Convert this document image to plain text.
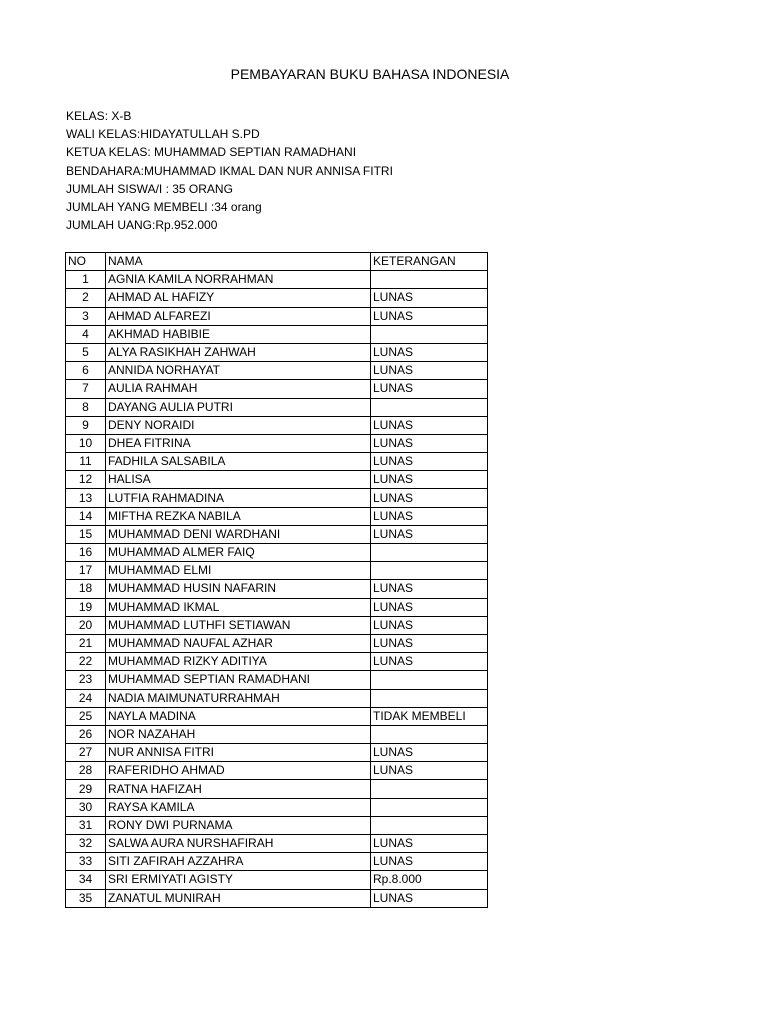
PEMBAYARAN BUKU BAHASA INDONESIA
KELAS: X-B
WALI KELAS:HIDAYATULLAH S.PD
KETUA KELAS: MUHAMMAD SEPTIAN RAMADHANI
BENDAHARA:MUHAMMAD IKMAL DAN NUR ANNISA FITRI
JUMLAH SISWA/I : 35 ORANG
JUMLAH YANG MEMBELI :34 orang
JUMLAH UANG:Rp.952.000
NO	NAMA	KETERANGAN
1	AGNIA KAMILA NORRAHMAN	
2	AHMAD AL HAFIZY	LUNAS
3	AHMAD ALFAREZI	LUNAS
4	AKHMAD HABIBIE	
5	ALYA RASIKHAH ZAHWAH	LUNAS
6	ANNIDA NORHAYAT	LUNAS
7	AULIA RAHMAH	LUNAS
8	DAYANG AULIA PUTRI	
9	DENY NORAIDI	LUNAS
10	DHEA FITRINA	LUNAS
11	FADHILA SALSABILA	LUNAS
12	HALISA	LUNAS
13	LUTFIA RAHMADINA	LUNAS
14	MIFTHA REZKA NABILA	LUNAS
15	MUHAMMAD DENI WARDHANI	LUNAS
16	MUHAMMAD ALMER FAIQ	
17	MUHAMMAD ELMI	
18	MUHAMMAD HUSIN NAFARIN	LUNAS
19	MUHAMMAD IKMAL	LUNAS
20	MUHAMMAD LUTHFI SETIAWAN	LUNAS
21	MUHAMMAD NAUFAL AZHAR	LUNAS
22	MUHAMMAD RIZKY ADITIYA	LUNAS
23	MUHAMMAD SEPTIAN RAMADHANI	
24	NADIA MAIMUNATURRAHMAH	
25	NAYLA MADINA	TIDAK MEMBELI
26	NOR NAZAHAH	
27	NUR ANNISA FITRI	LUNAS
28	RAFERIDHO AHMAD	LUNAS
29	RATNA HAFIZAH	
30	RAYSA KAMILA	
31	RONY DWI PURNAMA	
32	SALWA AURA NURSHAFIRAH	LUNAS
33	SITI ZAFIRAH AZZAHRA	LUNAS
34	SRI ERMIYATI AGISTY	Rp.8.000
35	ZANATUL MUNIRAH	LUNAS
